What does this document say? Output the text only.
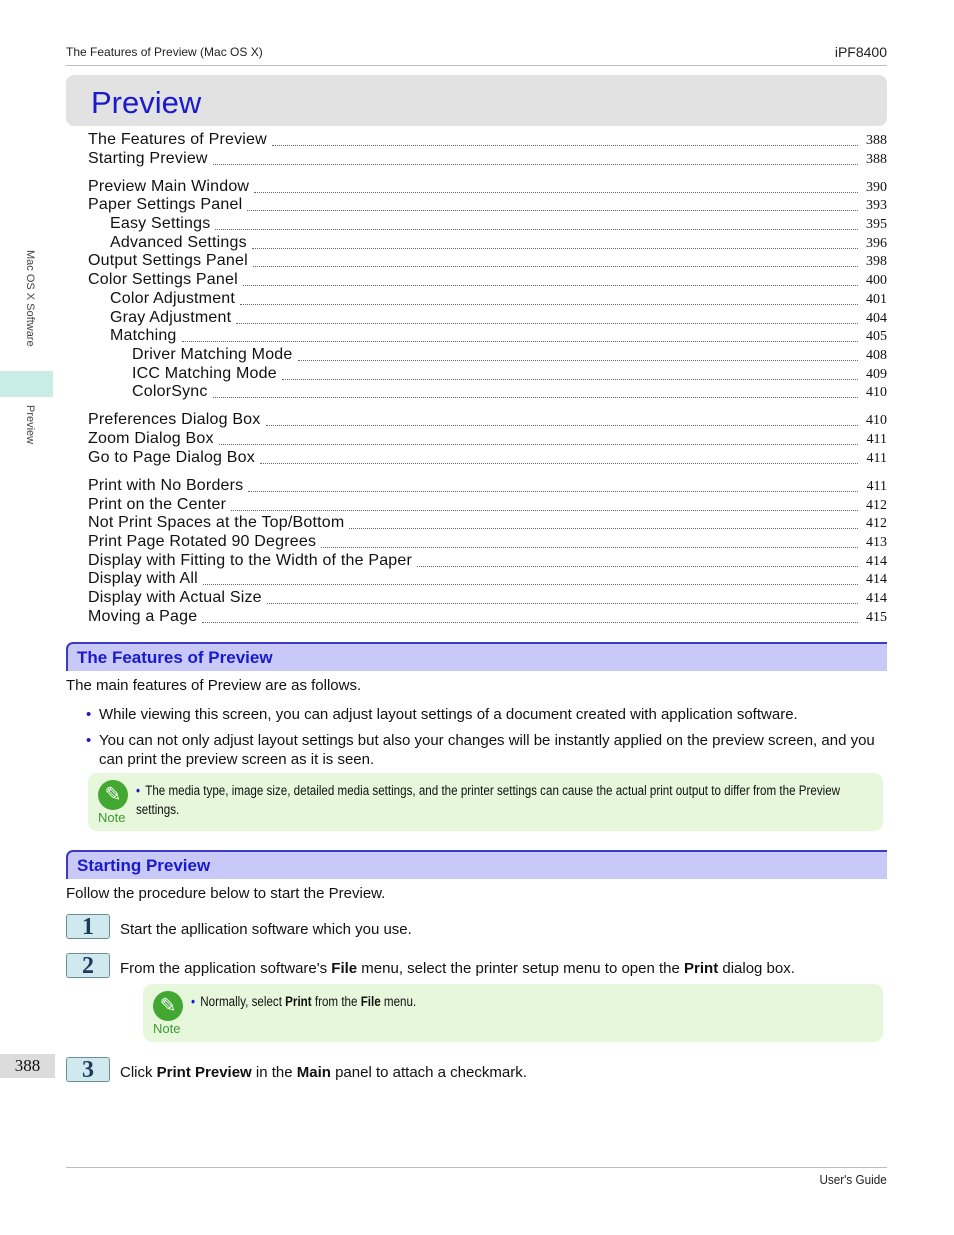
The Features of Preview (Mac OS X)	iPF8400
Preview
The Features of Preview	388
Starting Preview	388
Preview Main Window	390
Paper Settings Panel	393
Easy Settings	395
Advanced Settings	396
Output Settings Panel	398
Color Settings Panel	400
Color Adjustment	401
Gray Adjustment	404
Matching	405
Driver Matching Mode	408
ICC Matching Mode	409
ColorSync	410
Preferences Dialog Box	410
Zoom Dialog Box	411
Go to Page Dialog Box	411
Print with No Borders	411
Print on the Center	412
Not Print Spaces at the Top/Bottom	412
Print Page Rotated 90 Degrees	413
Display with Fitting to the Width of the Paper	414
Display with All	414
Display with Actual Size	414
Moving a Page	415
Mac OS X Software
Preview
388
The Features of Preview
The main features of Preview are as follows.
• While viewing this screen, you can adjust layout settings of a document created with application software.
• You can not only adjust layout settings but also your changes will be instantly applied on the preview screen, and you can print the preview screen as it is seen.
✎
Note
• The media type, image size, detailed media settings, and the printer settings can cause the actual print output to differ from the Preview settings.
Starting Preview
Follow the procedure below to start the Preview.
1	Start the apllication software which you use.
2	From the application software's File menu, select the printer setup menu to open the Print dialog box.
✎
Note
• Normally, select Print from the File menu.
3	Click Print Preview in the Main panel to attach a checkmark.
User's Guide
